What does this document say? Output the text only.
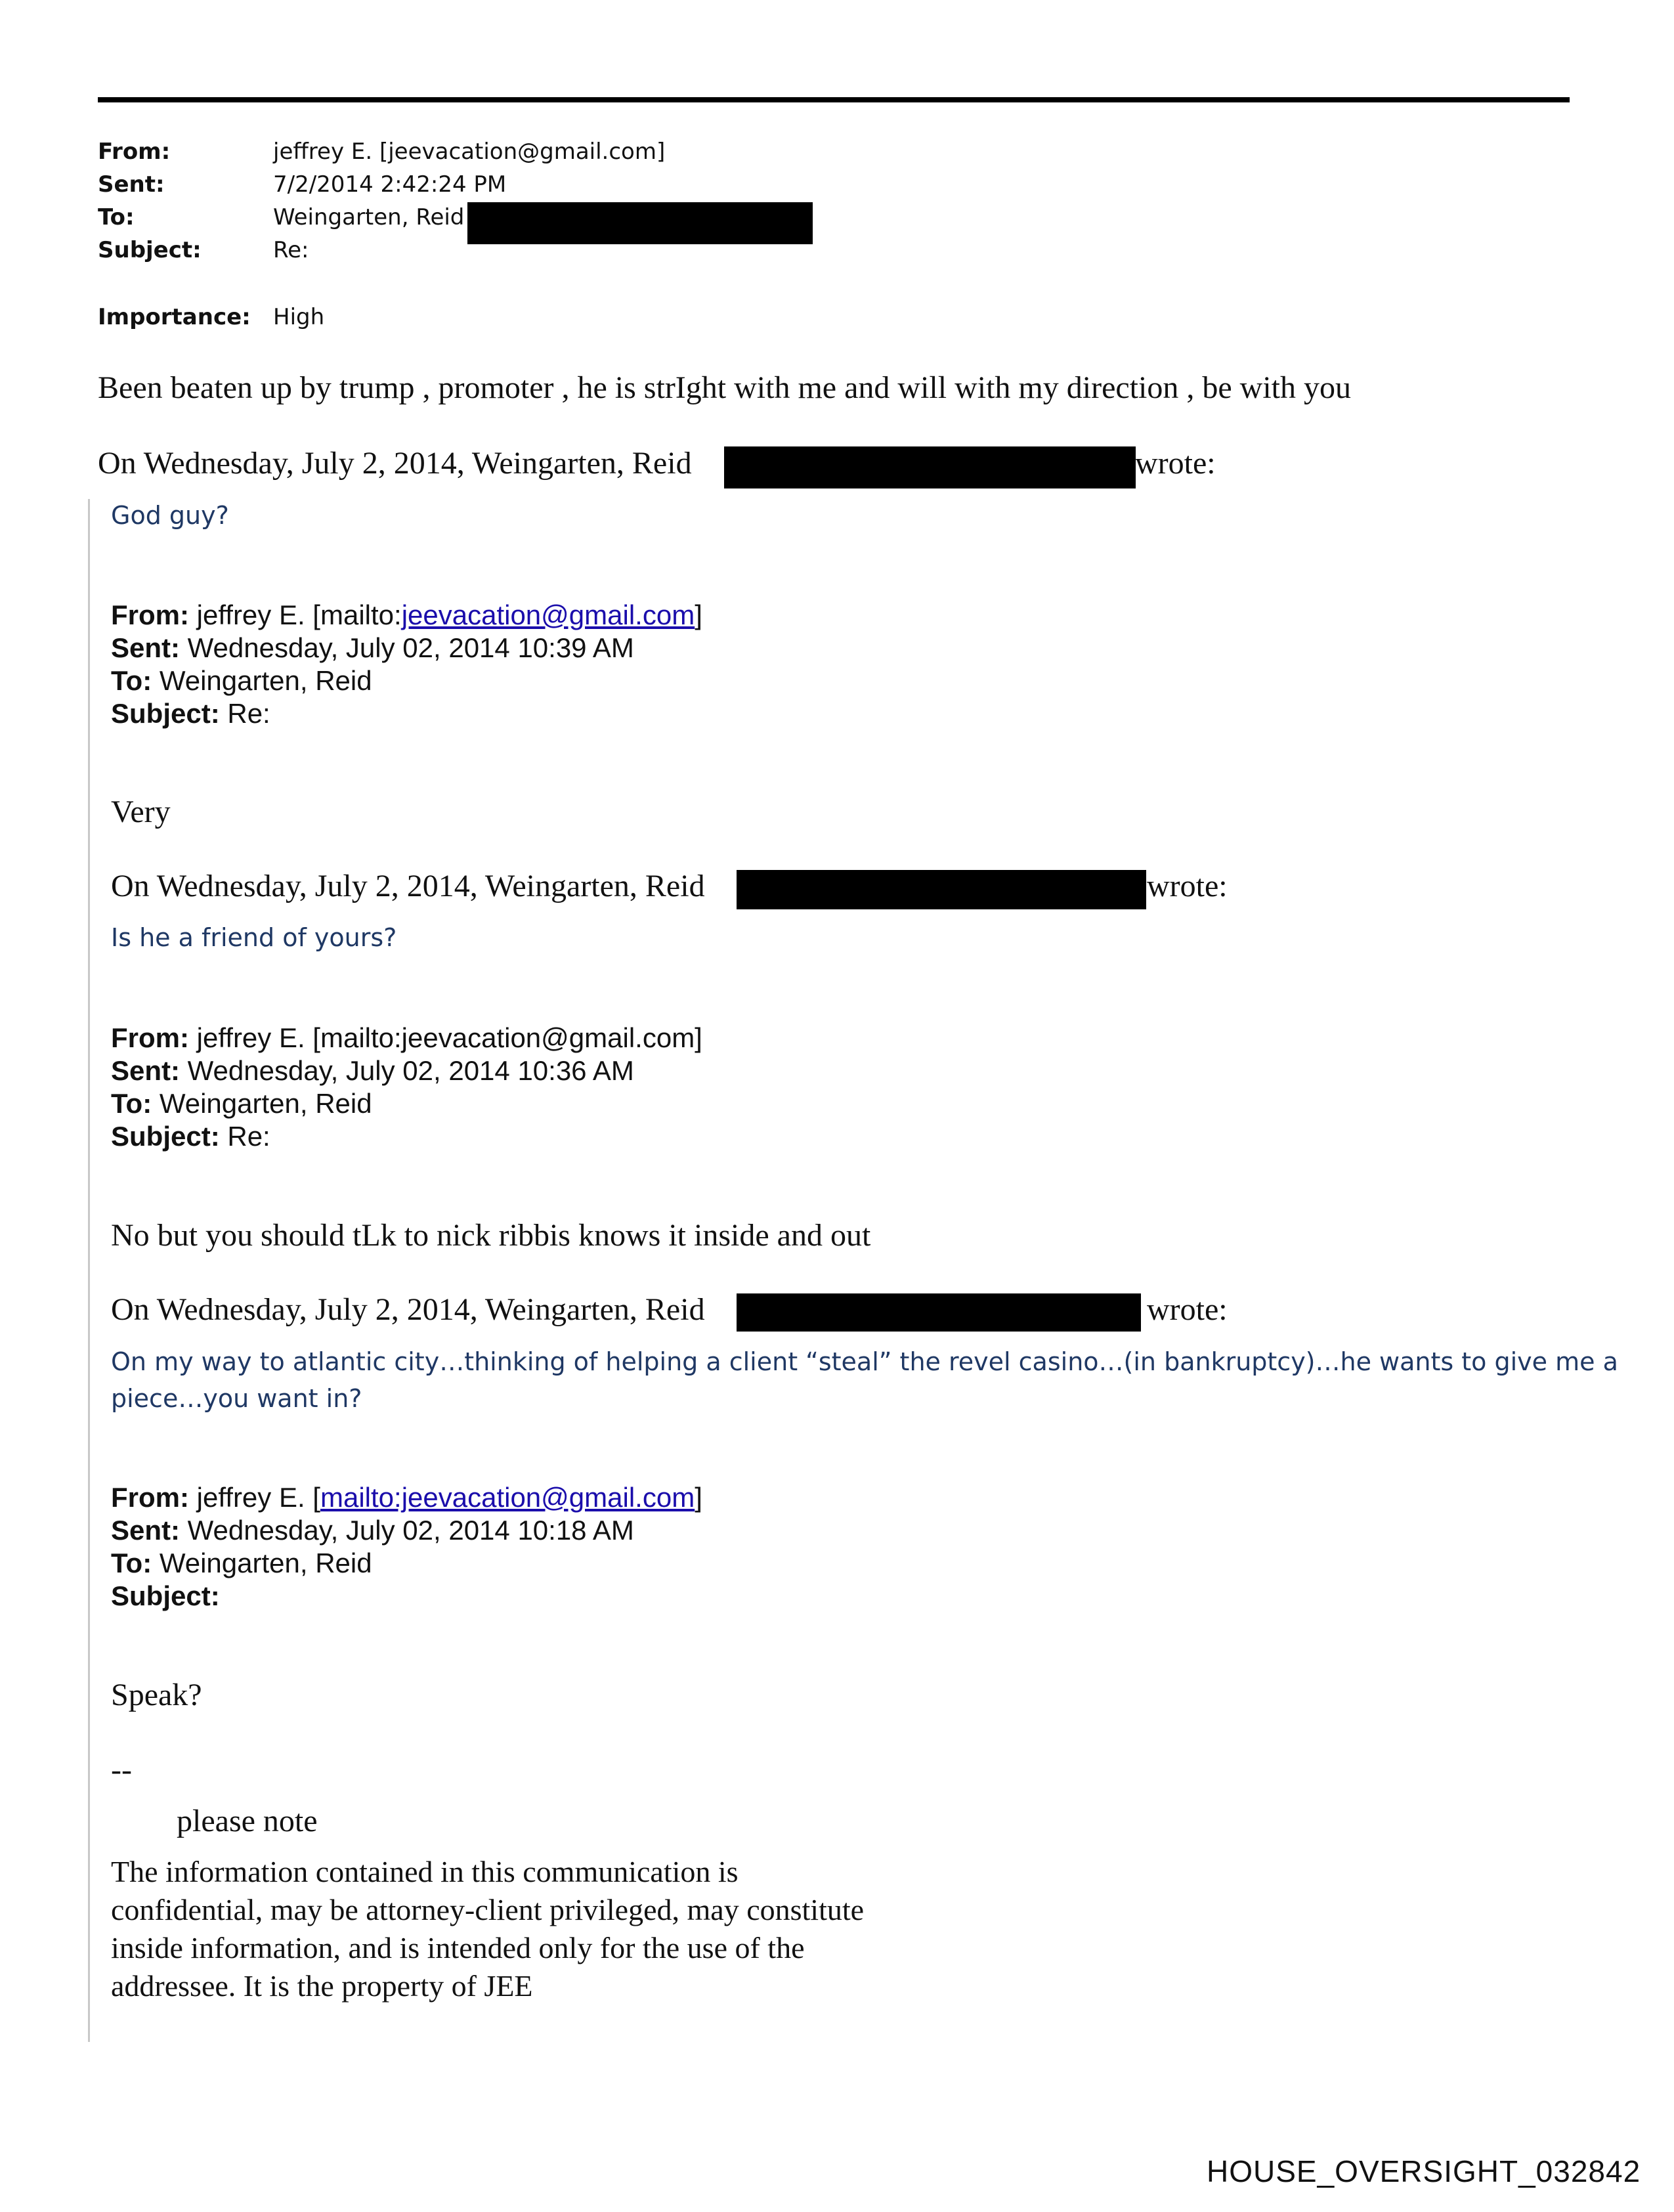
From:	jeffrey E. [jeevacation@gmail.com]
Sent:	7/2/2014 2:42:24 PM
To:	Weingarten, Reid
Subject:	Re:
Importance: High
Been beaten up by trump , promoter , he is strIght with me and will with my direction , be with you
On Wednesday, July 2, 2014, Weingarten, Reid	wrote:
God guy?
From: jeffrey E. [mailto:jeevacation@gmail.com]
Sent: Wednesday, July 02, 2014 10:39 AM
To: Weingarten, Reid
Subject: Re:
Very
On Wednesday, July 2, 2014, Weingarten, Reid	wrote:
Is he a friend of yours?
From: jeffrey E. [mailto:jeevacation@gmail.com]
Sent: Wednesday, July 02, 2014 10:36 AM
To: Weingarten, Reid
Subject: Re:
No but you should tLk to nick ribbis knows it inside and out
On Wednesday, July 2, 2014, Weingarten, Reid	wrote:
On my way to atlantic city…thinking of helping a client “steal” the revel casino…(in bankruptcy)…he wants to give me a
piece…you want in?
From: jeffrey E. [mailto:jeevacation@gmail.com]
Sent: Wednesday, July 02, 2014 10:18 AM
To: Weingarten, Reid
Subject:
Speak?
--
please note
The information contained in this communication is confidential, may be attorney-client privileged, may constitute inside information, and is intended only for the use of the addressee. It is the property of JEE
HOUSE_OVERSIGHT_032842
